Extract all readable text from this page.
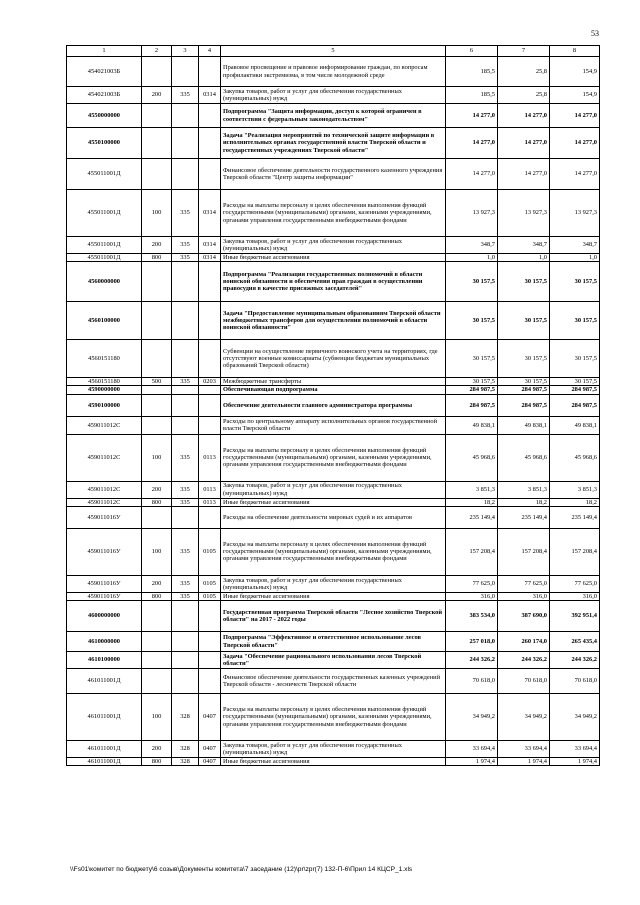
53
1	2	3	4	5	6	7	8
454021003Б				Правовое просвещение и правовое информирование граждан, по вопросам профилактики экстремизма, в том числе молодежной среде	185,5	25,8	154,9
454021003Б	200	335	0314	Закупка товаров, работ и услуг для обеспечения государственных (муниципальных) нужд	185,5	25,8	154,9
4550000000				Подпрограмма "Защита информации, доступ к которой ограничен в соответствии с федеральным законодательством"	14 277,0	14 277,0	14 277,0
4550100000				Задача "Реализация мероприятий по технической защите информации в исполнительных органах государственной власти Тверской области и государственных учреждениях Тверской области"	14 277,0	14 277,0	14 277,0
455011001Д				Финансовое обеспечение деятельности государственного казенного учреждения Тверской области "Центр защиты информации"	14 277,0	14 277,0	14 277,0
455011001Д	100	335	0314	Расходы на выплаты персоналу в целях обеспечения выполнения функций государственными (муниципальными) органами, казенными учреждениями, органами управления государственными внебюджетными фондами	13 927,3	13 927,3	13 927,3
455011001Д	200	335	0314	Закупка товаров, работ и услуг для обеспечения государственных (муниципальных) нужд	348,7	348,7	348,7
455011001Д	800	335	0314	Иные бюджетные ассигнования	1,0	1,0	1,0
4560000000				Подпрограмма "Реализация государственных полномочий в области воинской обязанности и обеспечения прав граждан в осуществлении правосудия в качестве присяжных заседателей"	30 157,5	30 157,5	30 157,5
4560100000				Задача "Предоставление муниципальным образованиям Тверской области межбюджетных трансферов для осуществления полномочий в области воинской обязанности"	30 157,5	30 157,5	30 157,5
4560151180				Субвенции на осуществление первичного воинского учета на территориях, где отсутствуют военные комиссариаты (субвенции бюджетам муниципальных образований Тверской области)	30 157,5	30 157,5	30 157,5
4560151180	500	335	0203	Межбюджетные трансферты	30 157,5	30 157,5	30 157,5
4590000000				Обеспечивающая подпрограмма	284 987,5	284 987,5	284 987,5
4590100000				Обеспечение деятельности главного администратора программы	284 987,5	284 987,5	284 987,5
459011012С				Расходы по центральному аппарату исполнительных органов государственной власти Тверской области	49 838,1	49 838,1	49 838,1
459011012С	100	335	0113	Расходы на выплаты персоналу в целях обеспечения выполнения функций государственными (муниципальными) органами, казенными учреждениями, органами управления государственными внебюджетными фондами	45 968,6	45 968,6	45 968,6
459011012С	200	335	0113	Закупка товаров, работ и услуг для обеспечения государственных (муниципальных) нужд	3 851,3	3 851,3	3 851,3
459011012С	800	335	0113	Иные бюджетные ассигнования	18,2	18,2	18,2
459011016У				Расходы на обеспечение деятельности мировых судей и их аппаратов	235 149,4	235 149,4	235 149,4
459011016У	100	335	0105	Расходы на выплаты персоналу в целях обеспечения выполнения функций государственными (муниципальными) органами, казенными учреждениями, органами управления государственными внебюджетными фондами	157 208,4	157 208,4	157 208,4
459011016У	200	335	0105	Закупка товаров, работ и услуг для обеспечения государственных (муниципальных) нужд	77 625,0	77 625,0	77 625,0
459011016У	800	335	0105	Иные бюджетные ассигнования	316,0	316,0	316,0
4600000000				Государственная программа Тверской области "Лесное хозяйство Тверской области" на 2017 - 2022 годы	383 534,0	387 690,0	392 951,4
4610000000				Подпрограмма "Эффективное и ответственное использование лесов Тверской области"	257 018,0	260 174,0	265 435,4
4610100000				Задача "Обеспечение рационального использования лесов Тверской области"	244 326,2	244 326,2	244 326,2
461011001Д				Финансовое обеспечение деятельности государственных казенных учреждений Тверской области - лесничеств Тверской области	70 618,0	70 618,0	70 618,0
461011001Д	100	328	0407	Расходы на выплаты персоналу в целях обеспечения выполнения функций государственными (муниципальными) органами, казенными учреждениями, органами управления государственными внебюджетными фондами	34 949,2	34 949,2	34 949,2
461011001Д	200	328	0407	Закупка товаров, работ и услуг для обеспечения государственных (муниципальных) нужд	33 694,4	33 694,4	33 694,4
461011001Д	800	328	0407	Иные бюджетные ассигнования	1 974,4	1 974,4	1 974,4
\\Fs01\комитет по бюджету\6 созыв\Документы комитета\7 заседание (12)\pr\zpr(7) 132-П-6\Прил 14 КЦСР_1.xls
